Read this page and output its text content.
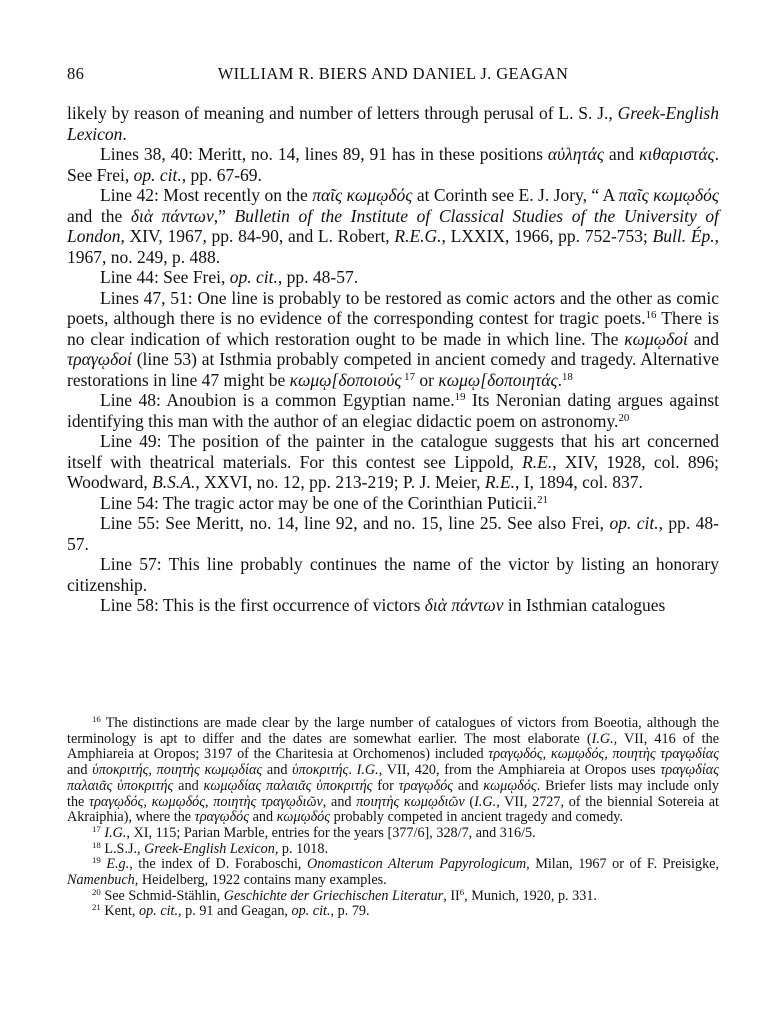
86	WILLIAM R. BIERS AND DANIEL J. GEAGAN

likely by reason of meaning and number of letters through perusal of L. S. J., Greek-English Lexicon.

Lines 38, 40: Meritt, no. 14, lines 89, 91 has in these positions αὐλητάς and κιθαριστάς. See Frei, op. cit., pp. 67-69.

Line 42: Most recently on the παῖς κωμῳδός at Corinth see E. J. Jory, “ A παῖς κωμῳδός and the διὰ πάντων,” Bulletin of the Institute of Classical Studies of the University of London, XIV, 1967, pp. 84-90, and L. Robert, R.E.G., LXXIX, 1966, pp. 752-753; Bull. Ép., 1967, no. 249, p. 488.

Line 44: See Frei, op. cit., pp. 48-57.

Lines 47, 51: One line is probably to be restored as comic actors and the other as comic poets, although there is no evidence of the corresponding contest for tragic poets.$^{16}$ There is no clear indication of which restoration ought to be made in which line. The κωμῳδοί and τραγῳδοί (line 53) at Isthmia probably competed in ancient comedy and tragedy. Alternative restorations in line 47 might be κωμῳ[δοποιούς $^{17}$ or κωμῳ[δοποιητάς.$^{18}$

Line 48: Anoubion is a common Egyptian name.$^{19}$ Its Neronian dating argues against identifying this man with the author of an elegiac didactic poem on astronomy.$^{20}$

Line 49: The position of the painter in the catalogue suggests that his art concerned itself with theatrical materials. For this contest see Lippold, R.E., XIV, 1928, col. 896; Woodward, B.S.A., XXVI, no. 12, pp. 213-219; P. J. Meier, R.E., I, 1894, col. 837.

Line 54: The tragic actor may be one of the Corinthian Puticii.$^{21}$

Line 55: See Meritt, no. 14, line 92, and no. 15, line 25. See also Frei, op. cit., pp. 48-57.

Line 57: This line probably continues the name of the victor by listing an honorary citizenship.

Line 58: This is the first occurrence of victors διὰ πάντων in Isthmian catalogues

$^{16}$ The distinctions are made clear by the large number of catalogues of victors from Boeotia, although the terminology is apt to differ and the dates are somewhat earlier. The most elaborate (I.G., VII, 416 of the Amphiareia at Oropos; 3197 of the Charitesia at Orchomenos) included τραγῳδός, κωμῳδός, ποιητὴς τραγῳδίας and ὑποκριτής, ποιητὴς κωμῳδίας and ὑποκριτής. I.G., VII, 420, from the Amphiareia at Oropos uses τραγῳδίας παλαιᾶς ὑποκριτής and κωμῳδίας παλαιᾶς ὑποκριτής for τραγῳδός and κωμῳδός. Briefer lists may include only the τραγῳδός, κωμῳδός, ποιητὴς τραγῳδιῶν, and ποιητὴς κωμῳδιῶν (I.G., VII, 2727, of the biennial Sotereia at Akraiphia), where the τραγῳδός and κωμῳδός probably competed in ancient tragedy and comedy.

$^{17}$ I.G., XI, 115; Parian Marble, entries for the years [377/6], 328/7, and 316/5.

$^{18}$ L.S.J., Greek-English Lexicon, p. 1018.

$^{19}$ E.g., the index of D. Foraboschi, Onomasticon Alterum Papyrologicum, Milan, 1967 or of F. Preisigke, Namenbuch, Heidelberg, 1922 contains many examples.

$^{20}$ See Schmid-Stählin, Geschichte der Griechischen Literatur, $II^6$, Munich, 1920, p. 331.

$^{21}$ Kent, op. cit., p. 91 and Geagan, op. cit., p. 79.
